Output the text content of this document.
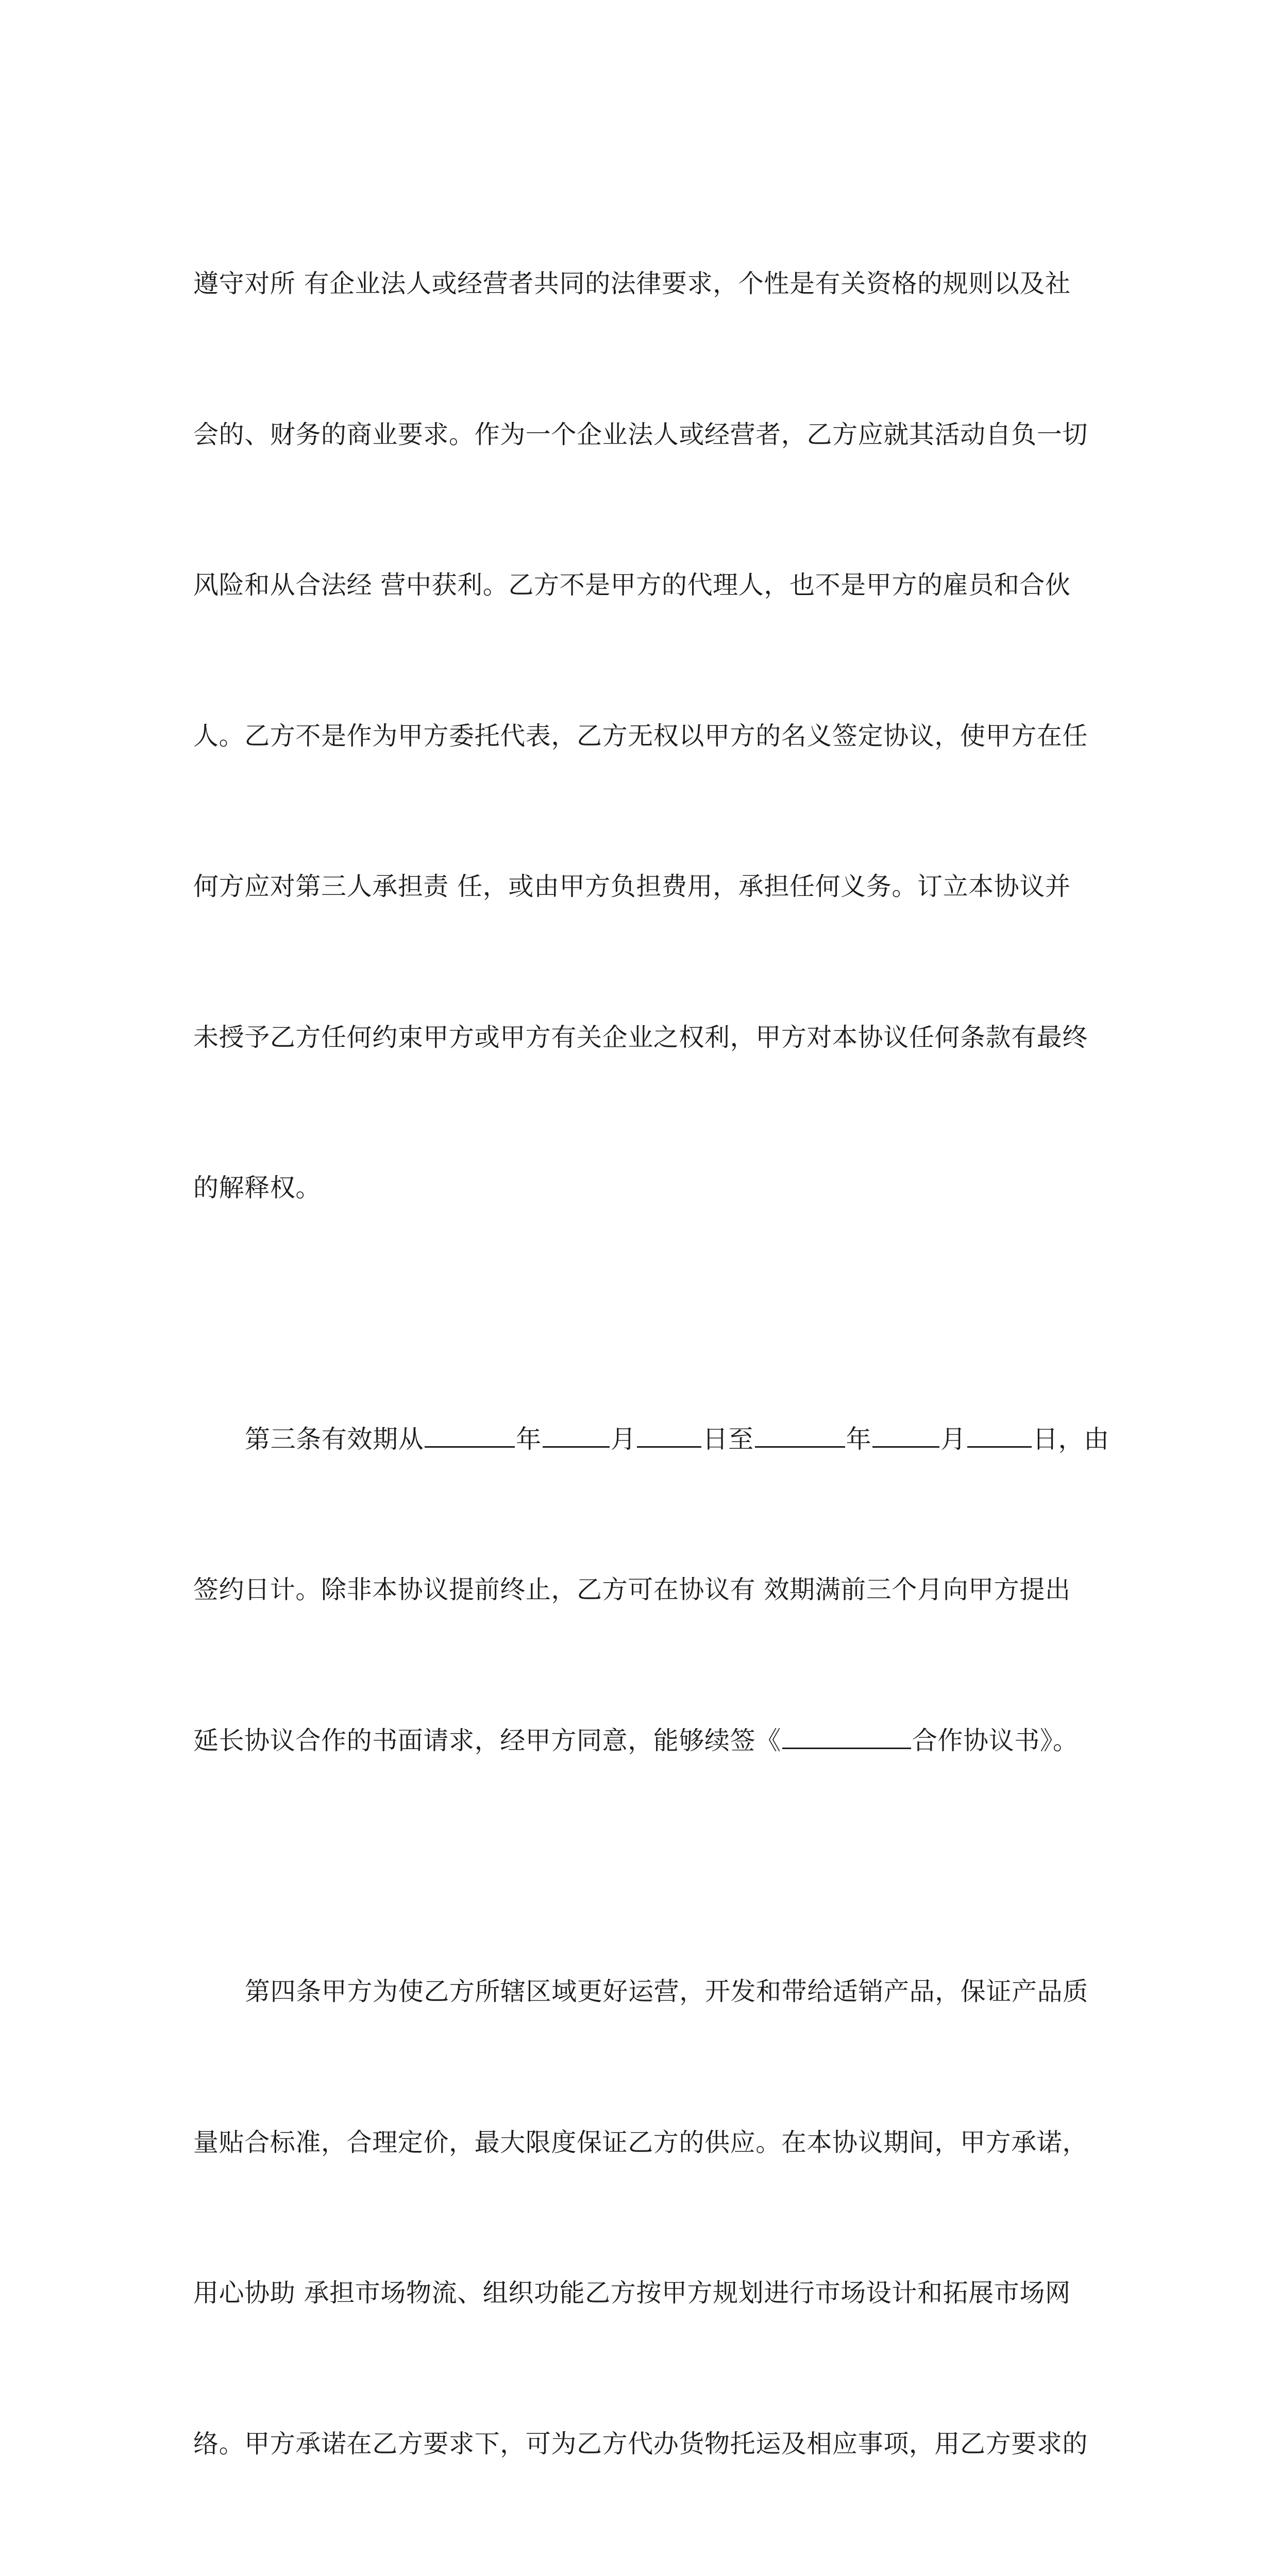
遵守对所 有企业法人或经营者共同的法律要求，个性是有关资格的规则以及社

会的、财务的商业要求。作为一个企业法人或经营者，乙方应就其活动自负一切

风险和从合法经 营中获利。乙方不是甲方的代理人，也不是甲方的雇员和合伙

人。乙方不是作为甲方委托代表，乙方无权以甲方的名义签定协议，使甲方在任

何方应对第三人承担责 任，或由甲方负担费用，承担任何义务。订立本协议并

未授予乙方任何约束甲方或甲方有关企业之权利，甲方对本协议任何条款有最终

的解释权。

第三条有效期从	年	月	日至	年	月	日，由

签约日计。除非本协议提前终止，乙方可在协议有 效期满前三个月向甲方提出

延长协议合作的书面请求，经甲方同意，能够续签《	合作协议书》。

第四条甲方为使乙方所辖区域更好运营，开发和带给适销产品，保证产品质

量贴合标准，合理定价，最大限度保证乙方的供应。在本协议期间，甲方承诺，

用心协助 承担市场物流、组织功能乙方按甲方规划进行市场设计和拓展市场网

络。甲方承诺在乙方要求下，可为乙方代办货物托运及相应事项，用乙方要求的
